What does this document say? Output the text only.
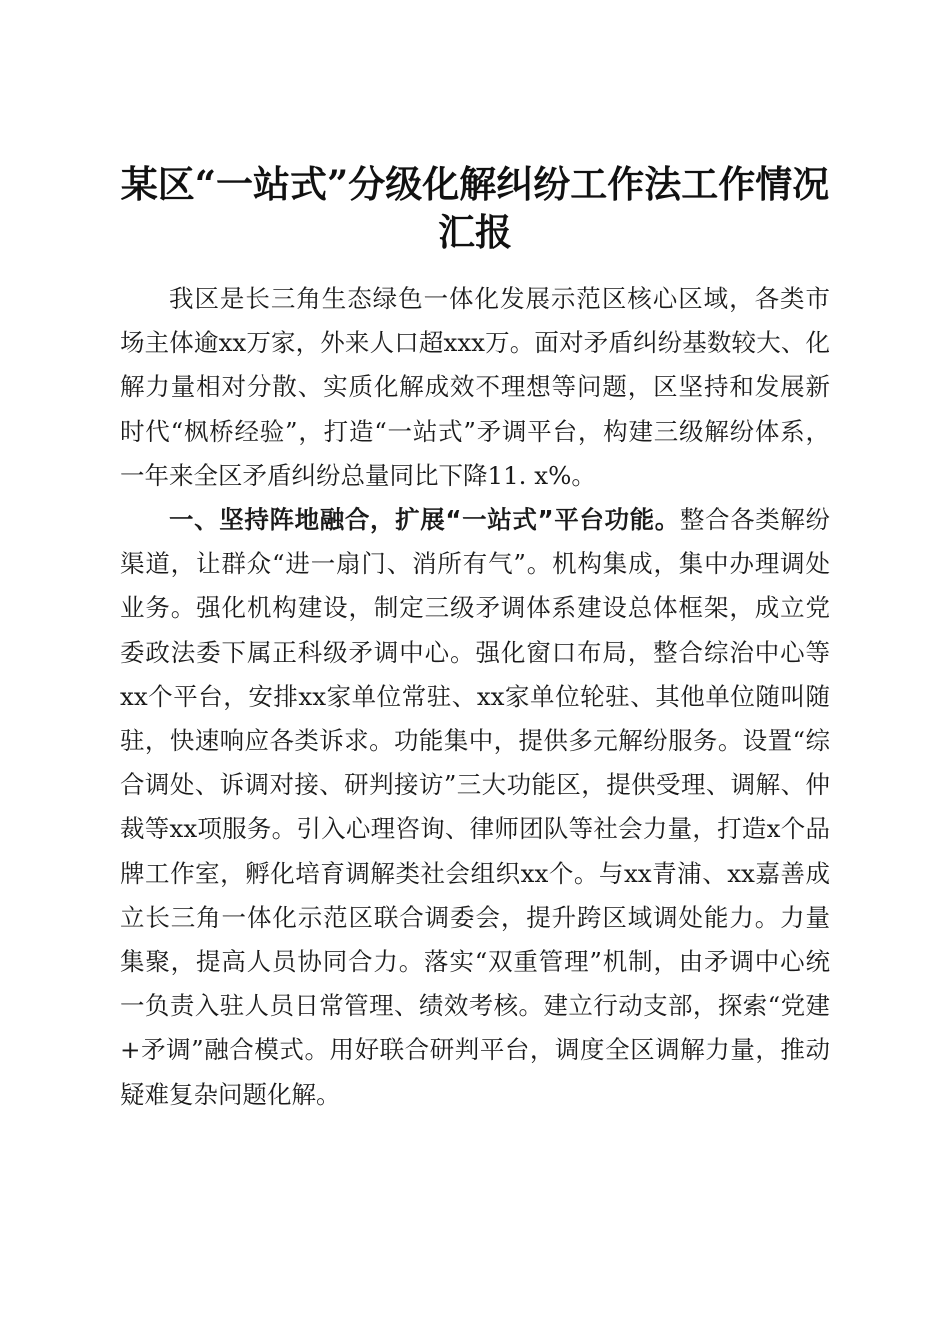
某区“一站式”分级化解纠纷工作法工作情况
汇报

我区是长三角生态绿色一体化发展示范区核心区域，各类市场主体逾xx万家，外来人口超xxx万。面对矛盾纠纷基数较大、化解力量相对分散、实质化解成效不理想等问题，区坚持和发展新时代“枫桥经验”，打造“一站式”矛调平台，构建三级解纷体系，一年来全区矛盾纠纷总量同比下降11. x%。

一、坚持阵地融合，扩展“一站式”平台功能。整合各类解纷渠道，让群众“进一扇门、消所有气”。机构集成，集中办理调处业务。强化机构建设，制定三级矛调体系建设总体框架，成立党委政法委下属正科级矛调中心。强化窗口布局，整合综治中心等xx个平台，安排xx家单位常驻、xx家单位轮驻、其他单位随叫随驻，快速响应各类诉求。功能集中，提供多元解纷服务。设置“综合调处、诉调对接、研判接访”三大功能区，提供受理、调解、仲裁等xx项服务。引入心理咨询、律师团队等社会力量，打造x个品牌工作室，孵化培育调解类社会组织xx个。与xx青浦、xx嘉善成立长三角一体化示范区联合调委会，提升跨区域调处能力。力量集聚，提高人员协同合力。落实“双重管理”机制，由矛调中心统一负责入驻人员日常管理、绩效考核。建立行动支部，探索“党建+矛调”融合模式。用好联合研判平台，调度全区调解力量，推动疑难复杂问题化解。
